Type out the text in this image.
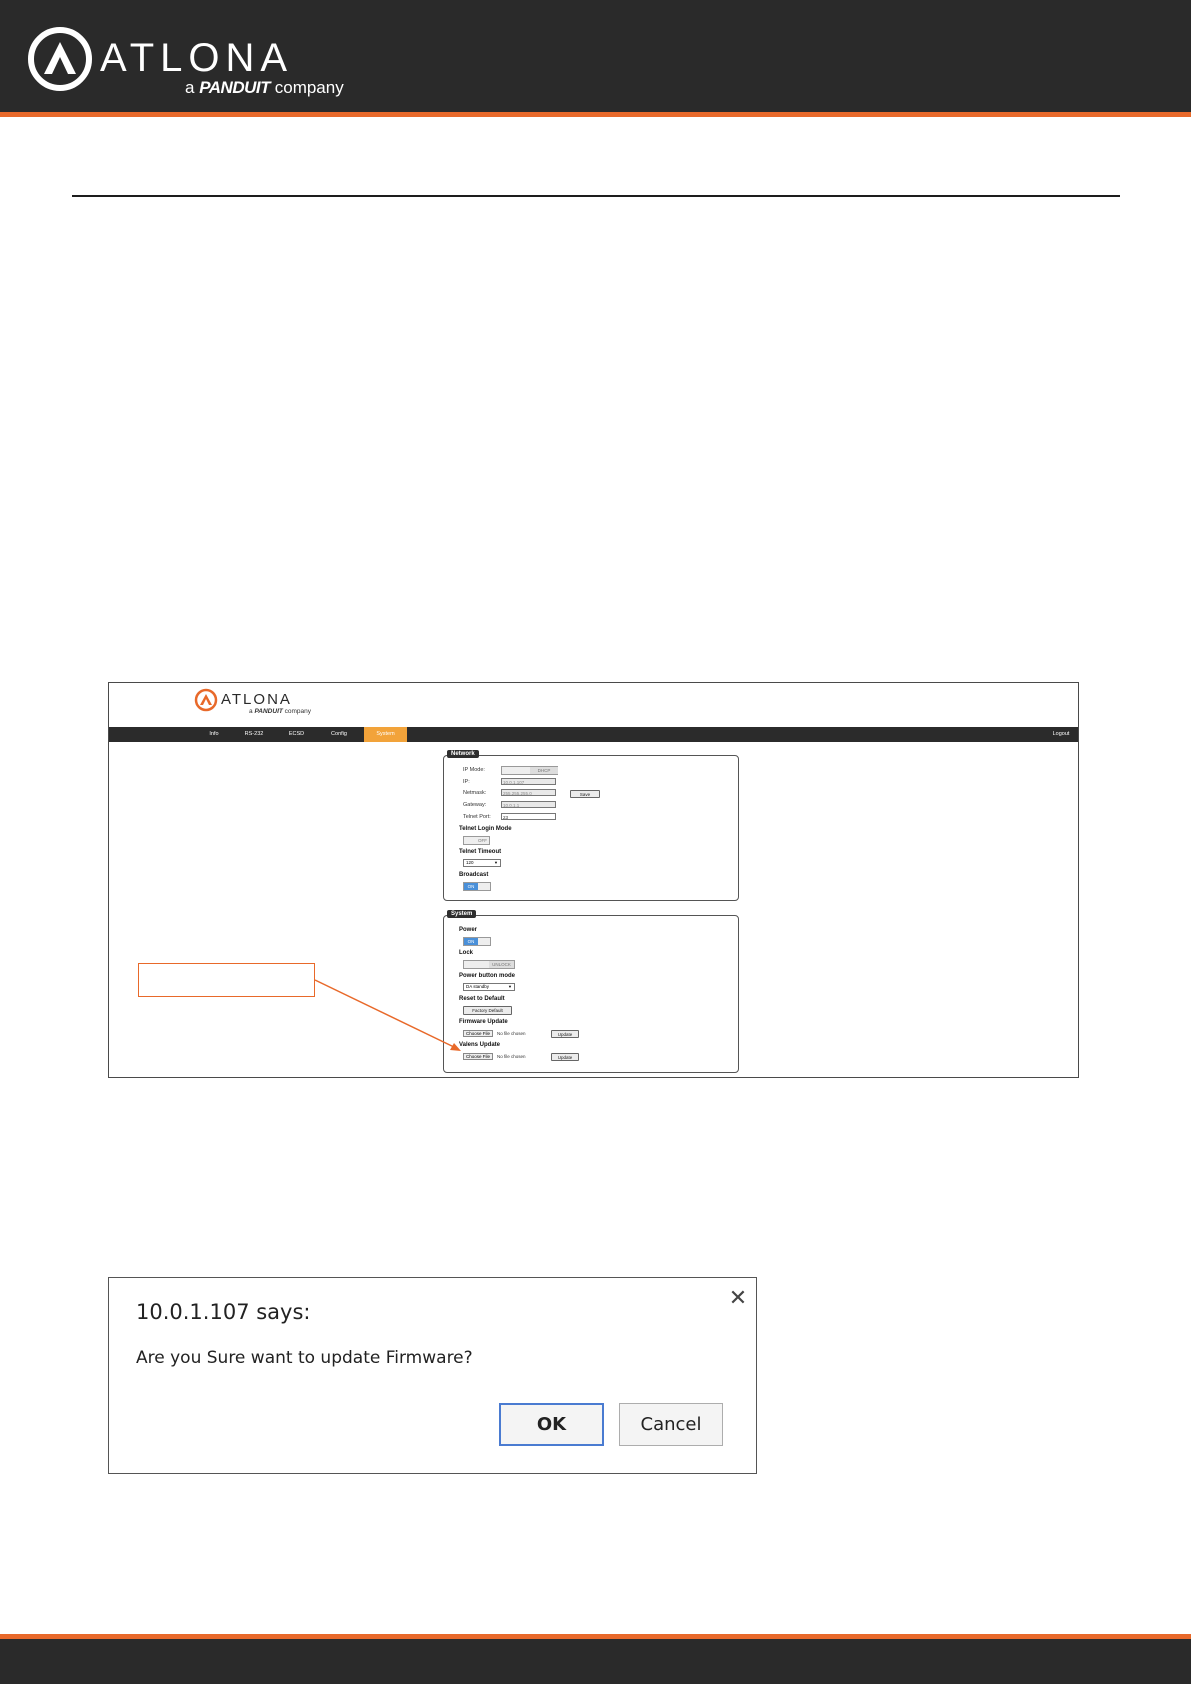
ATLONA
a PANDUIT company
ATLONA
a PANDUIT company
Info	RS-232	ECSD	Config	System	Logout
Network
IP Mode:	DHCP
IP:	10.0.1.107
Netmask:	255.255.255.0	Save
Gateway:	10.0.1.1
Telnet Port:	23
Telnet Login Mode
OFF
Telnet Timeout
120	▼
Broadcast
ON
System
Power
ON
Lock
UNLOCK
Power button mode
DA standby	▼
Reset to Default
Factory Default
Firmware Update
Choose File	No file chosen	Update
Valens Update
Choose File	No file chosen	Update
10.0.1.107 says:
✕
Are you Sure want to update Firmware?
OK	Cancel
